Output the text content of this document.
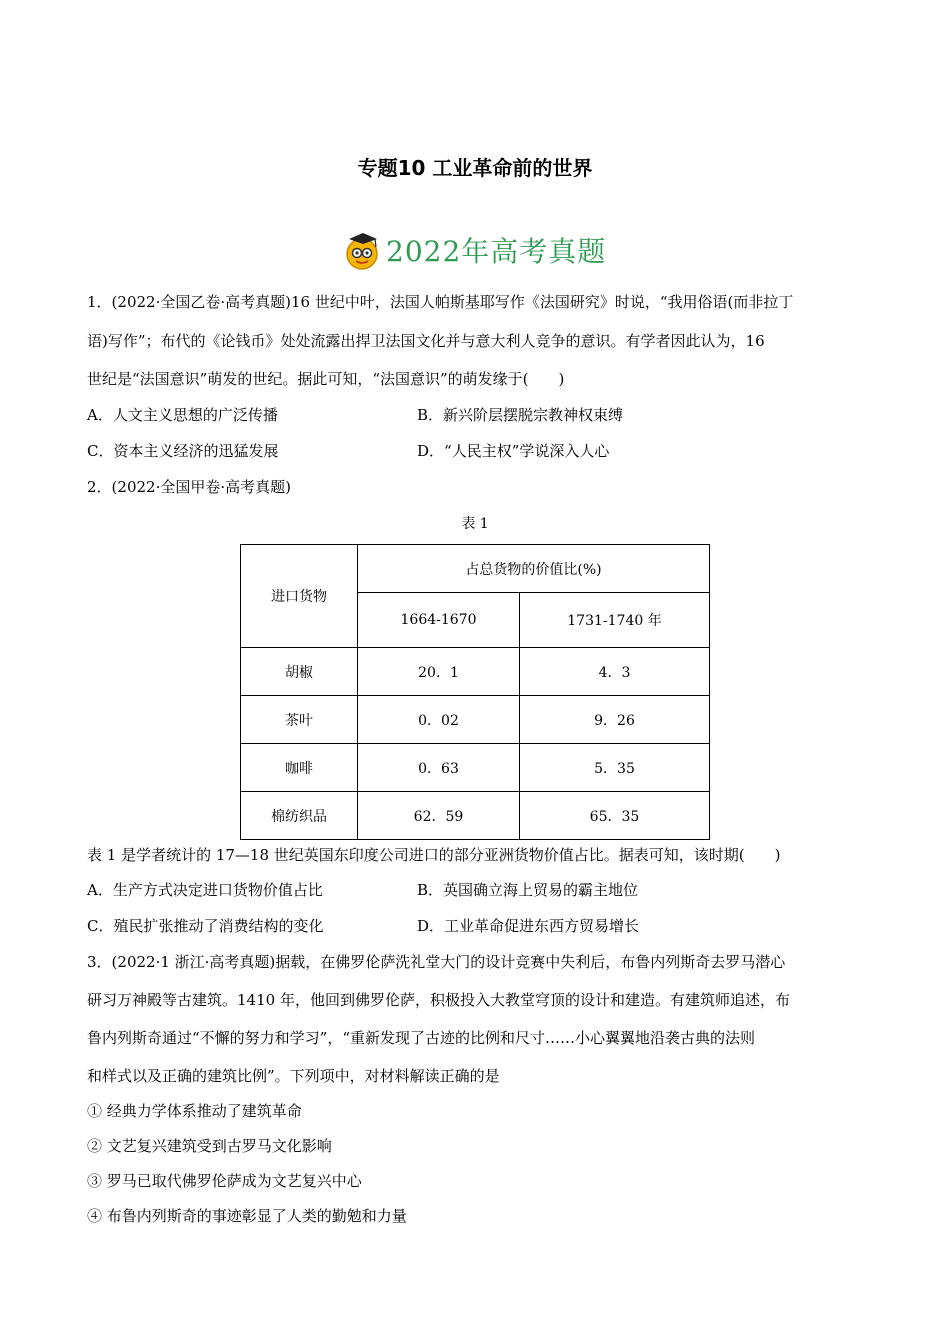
专题10 工业革命前的世界
2022年高考真题
1．(2022·全国乙卷·高考真题)16 世纪中叶，法国人帕斯基耶写作《法国研究》时说，“我用俗语(而非拉丁
语)写作”；布代的《论钱币》处处流露出捍卫法国文化并与意大利人竞争的意识。有学者因此认为，16
世纪是“法国意识”萌发的世纪。据此可知，“法国意识”的萌发缘于(　　)
A．人文主义思想的广泛传播	B．新兴阶层摆脱宗教神权束缚
C．资本主义经济的迅猛发展	D．“人民主权”学说深入人心
2．(2022·全国甲卷·高考真题)
表 1
进口货物	占总货物的价值比(%)	
	1664-1670	1731-1740 年
胡椒	20．1	4．3
茶叶	0．02	9．26
咖啡	0．63	5．35
棉纺织品	62．59	65．35
表 1 是学者统计的 17—18 世纪英国东印度公司进口的部分亚洲货物价值占比。据表可知，该时期(　　)
A．生产方式决定进口货物价值占比	B．英国确立海上贸易的霸主地位
C．殖民扩张推动了消费结构的变化	D．工业革命促进东西方贸易增长
3．(2022·1 浙江·高考真题)据载，在佛罗伦萨洗礼堂大门的设计竞赛中失利后，布鲁内列斯奇去罗马潜心
研习万神殿等古建筑。1410 年，他回到佛罗伦萨，积极投入大教堂穹顶的设计和建造。有建筑师追述，布
鲁内列斯奇通过“不懈的努力和学习”，“重新发现了古迹的比例和尺寸……小心翼翼地沿袭古典的法则
和样式以及正确的建筑比例”。下列项中，对材料解读正确的是
① 经典力学体系推动了建筑革命
② 文艺复兴建筑受到古罗马文化影响
③ 罗马已取代佛罗伦萨成为文艺复兴中心
④ 布鲁内列斯奇的事迹彰显了人类的勤勉和力量
